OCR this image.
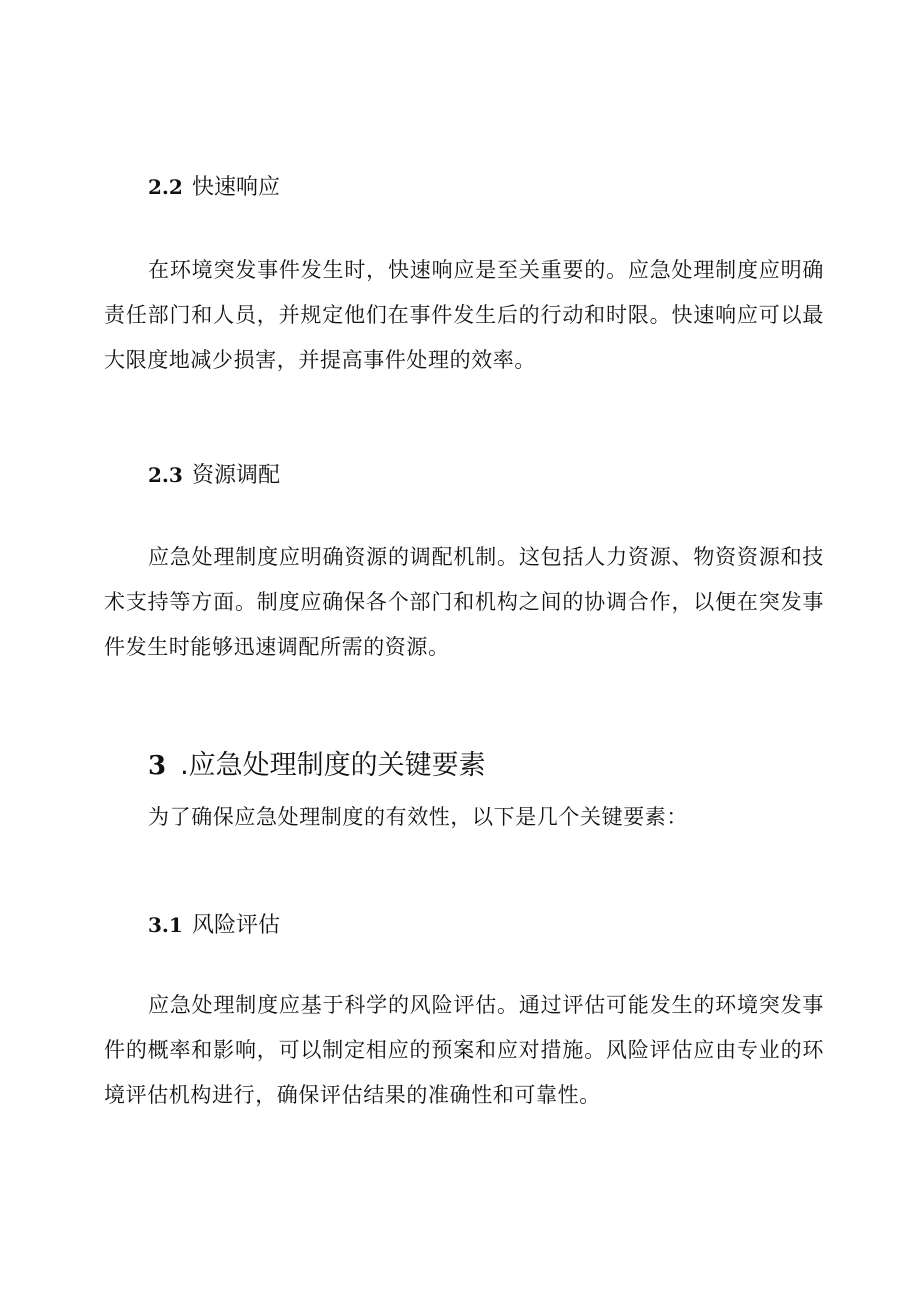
2.2 快速响应

在环境突发事件发生时，快速响应是至关重要的。应急处理制度应明确责任部门和人员，并规定他们在事件发生后的行动和时限。快速响应可以最大限度地减少损害，并提高事件处理的效率。

2.3 资源调配

应急处理制度应明确资源的调配机制。这包括人力资源、物资资源和技术支持等方面。制度应确保各个部门和机构之间的协调合作，以便在突发事件发生时能够迅速调配所需的资源。

3 .应急处理制度的关键要素

为了确保应急处理制度的有效性，以下是几个关键要素：

3.1 风险评估

应急处理制度应基于科学的风险评估。通过评估可能发生的环境突发事件的概率和影响，可以制定相应的预案和应对措施。风险评估应由专业的环境评估机构进行，确保评估结果的准确性和可靠性。
